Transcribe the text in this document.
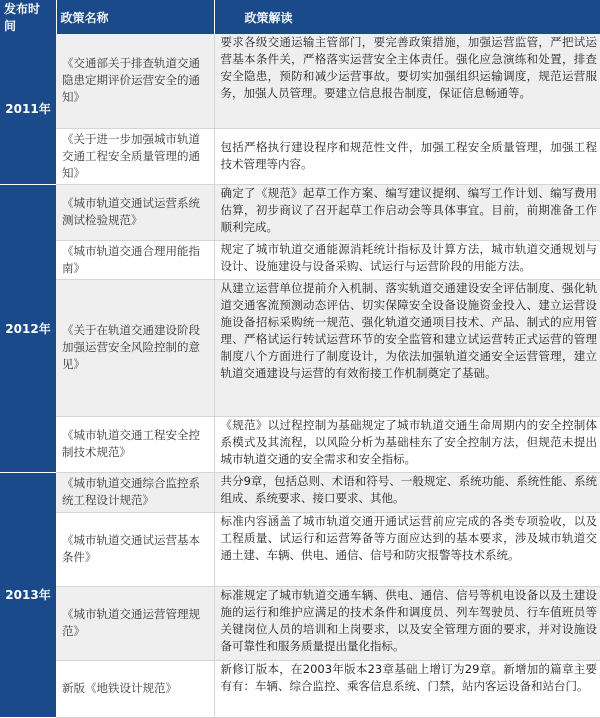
发布时间	政策名称	政策解读
2011年	《交通部关于排查轨道交通隐患定期评价运营安全的通知》	要求各级交通运输主管部门，要完善政策措施，加强运营监管，严把试运营基本条件关，严格落实运营安全主体责任。强化应急演练和处置，排查安全隐患，预防和减少运营事故。要切实加强组织运输调度，规范运营服务，加强人员管理。要建立信息报告制度，保证信息畅通等。
	《关于进一步加强城市轨道交通工程安全质量管理的通知》	包括严格执行建设程序和规范性文件，加强工程安全质量管理，加强工程技术管理等内容。
2012年	《城市轨道交通试运营系统测试检验规范》	确定了《规范》起草工作方案、编写建议提纲、编写工作计划、编写费用估算，初步商议了召开起草工作启动会等具体事宜。目前，前期准备工作顺利完成。
	《城市轨道交通合理用能指南》	规定了城市轨道交通能源消耗统计指标及计算方法，城市轨道交通规划与设计、设施建设与设备采购、试运行与运营阶段的用能方法。
	《关于在轨道交通建设阶段加强运营安全风险控制的意见》	从建立运营单位提前介入机制、落实轨道交通建设安全评估制度、强化轨道交通客流预测动态评估、切实保障安全设备设施资金投入、建立运营设施设备招标采购统一规范、强化轨道交通项目技术、产品、制式的应用管理、严格试运行转试运营环节的安全监管和建立试运营转正式运营的管理制度八个方面进行了制度设计，为依法加强轨道交通安全运营管理，建立轨道交通建设与运营的有效衔接工作机制奠定了基础。
	《城市轨道交通工程安全控制技术规范》	《规范》以过程控制为基础规定了城市轨道交通生命周期内的安全控制体系模式及其流程，以风险分析为基础桂东了安全控制方法，但规范未提出城市轨道交通的安全需求和安全指标。
2013年	《城市轨道交通综合监控系统工程设计规范》	共分9章，包括总则、术语和符号、一般规定、系统功能、系统性能、系统组成、系统要求、接口要求、其他。
	《城市轨道交通试运营基本条件》	标准内容涵盖了城市轨道交通开通试运营前应完成的各类专项验收，以及工程质量、试运行和运营筹备等方面应达到的基本要求，涉及城市轨道交通土建、车辆、供电、通信、信号和防灾报警等技术系统。
	《城市轨道交通运营管理规范》	标准规定了城市轨道交通车辆、供电、通信、信号等机电设备以及土建设施的运行和维护应满足的技术条件和调度员、列车驾驶员、行车值班员等关键岗位人员的培训和上岗要求，以及安全管理方面的要求，并对设施设备可靠性和服务质量提出量化指标。
	新版《地铁设计规范》	新修订版本，在2003年版本23章基础上增订为29章。新增加的篇章主要有有：车辆、综合监控、乘客信息系统、门禁，站内客运设备和站台门。
